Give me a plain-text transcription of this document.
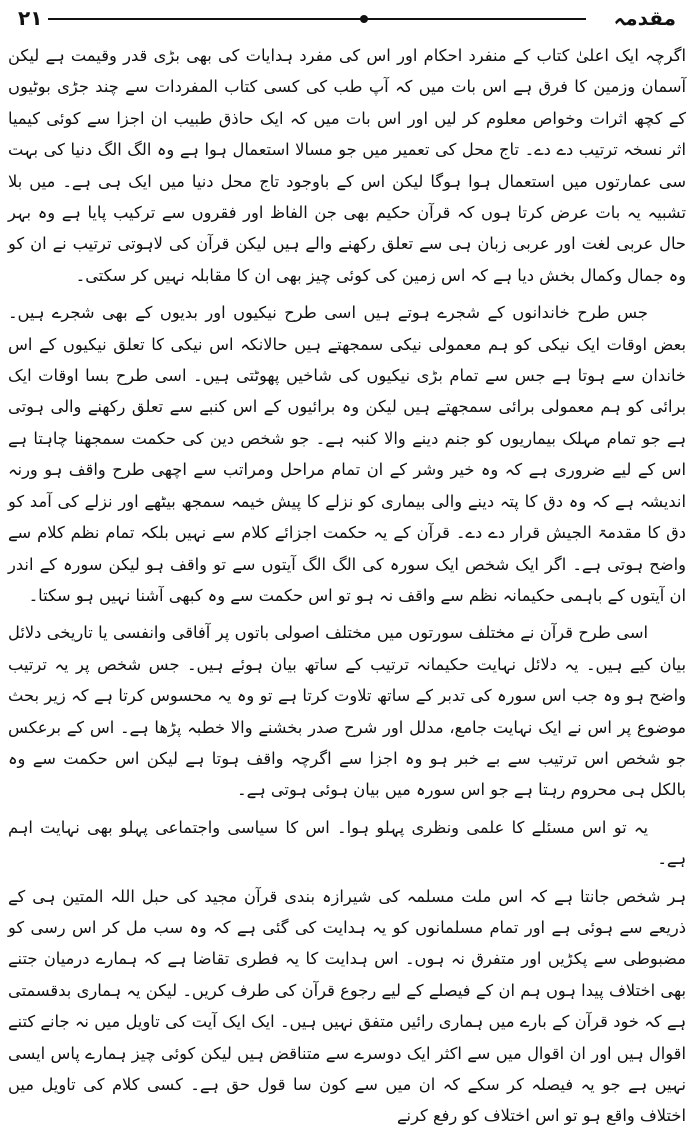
مقدمہ
۲۱

اگرچہ ایک اعلیٰ کتاب کے منفرد احکام اور اس کی مفرد ہدایات کی بھی بڑی قدر وقیمت ہے لیکن آسمان وزمین کا فرق ہے اس بات میں کہ آپ طب کی کسی کتاب المفردات سے چند جڑی بوٹیوں کے کچھ اثرات وخواص معلوم کر لیں اور اس بات میں کہ ایک حاذق طبیب ان اجزا سے کوئی کیمیا اثر نسخہ ترتیب دے دے۔ تاج محل کی تعمیر میں جو مسالا استعمال ہوا ہے وہ الگ الگ دنیا کی بہت سی عمارتوں میں استعمال ہوا ہوگا لیکن اس کے باوجود تاج محل دنیا میں ایک ہی ہے۔ میں بلا تشبیہ یہ بات عرض کرتا ہوں کہ قرآن حکیم بھی جن الفاظ اور فقروں سے ترکیب پایا ہے وہ بہر حال عربی لغت اور عربی زبان ہی سے تعلق رکھنے والے ہیں لیکن قرآن کی لاہوتی ترتیب نے ان کو وہ جمال وکمال بخش دیا ہے کہ اس زمین کی کوئی چیز بھی ان کا مقابلہ نہیں کر سکتی۔

جس طرح خاندانوں کے شجرے ہوتے ہیں اسی طرح نیکیوں اور بدیوں کے بھی شجرے ہیں۔ بعض اوقات ایک نیکی کو ہم معمولی نیکی سمجھتے ہیں حالانکہ اس نیکی کا تعلق نیکیوں کے اس خاندان سے ہوتا ہے جس سے تمام بڑی نیکیوں کی شاخیں پھوٹتی ہیں۔ اسی طرح بسا اوقات ایک برائی کو ہم معمولی برائی سمجھتے ہیں لیکن وہ برائیوں کے اس کنبے سے تعلق رکھنے والی ہوتی ہے جو تمام مہلک بیماریوں کو جنم دینے والا کنبہ ہے۔ جو شخص دین کی حکمت سمجھنا چاہتا ہے اس کے لیے ضروری ہے کہ وہ خیر وشر کے ان تمام مراحل ومراتب سے اچھی طرح واقف ہو ورنہ اندیشہ ہے کہ وہ دق کا پتہ دینے والی بیماری کو نزلے کا پیش خیمہ سمجھ بیٹھے اور نزلے کی آمد کو دق کا مقدمۃ الجیش قرار دے دے۔ قرآن کے یہ حکمت اجزائے کلام سے نہیں بلکہ تمام نظم کلام سے واضح ہوتی ہے۔ اگر ایک شخص ایک سورہ کی الگ الگ آیتوں سے تو واقف ہو لیکن سورہ کے اندر ان آیتوں کے باہمی حکیمانہ نظم سے واقف نہ ہو تو اس حکمت سے وہ کبھی آشنا نہیں ہو سکتا۔

اسی طرح قرآن نے مختلف سورتوں میں مختلف اصولی باتوں پر آفاقی وانفسی یا تاریخی دلائل بیان کیے ہیں۔ یہ دلائل نہایت حکیمانہ ترتیب کے ساتھ بیان ہوئے ہیں۔ جس شخص پر یہ ترتیب واضح ہو وہ جب اس سورہ کی تدبر کے ساتھ تلاوت کرتا ہے تو وہ یہ محسوس کرتا ہے کہ زیر بحث موضوع پر اس نے ایک نہایت جامع، مدلل اور شرح صدر بخشنے والا خطبہ پڑھا ہے۔ اس کے برعکس جو شخص اس ترتیب سے بے خبر ہو وہ اجزا سے اگرچہ واقف ہوتا ہے لیکن اس حکمت سے وہ بالکل ہی محروم رہتا ہے جو اس سورہ میں بیان ہوئی ہوتی ہے۔

یہ تو اس مسئلے کا علمی ونظری پہلو ہوا۔ اس کا سیاسی واجتماعی پہلو بھی نہایت اہم ہے۔

ہر شخص جانتا ہے کہ اس ملت مسلمہ کی شیرازہ بندی قرآن مجید کی حبل اللہ المتین ہی کے ذریعے سے ہوئی ہے اور تمام مسلمانوں کو یہ ہدایت کی گئی ہے کہ وہ سب مل کر اس رسی کو مضبوطی سے پکڑیں اور متفرق نہ ہوں۔ اس ہدایت کا یہ فطری تقاضا ہے کہ ہمارے درمیان جتنے بھی اختلاف پیدا ہوں ہم ان کے فیصلے کے لیے رجوع قرآن کی طرف کریں۔ لیکن یہ ہماری بدقسمتی ہے کہ خود قرآن کے بارے میں ہماری رائیں متفق نہیں ہیں۔ ایک ایک آیت کی تاویل میں نہ جانے کتنے اقوال ہیں اور ان اقوال میں سے اکثر ایک دوسرے سے متناقض ہیں لیکن کوئی چیز ہمارے پاس ایسی نہیں ہے جو یہ فیصلہ کر سکے کہ ان میں سے کون سا قول حق ہے۔ کسی کلام کی تاویل میں اختلاف واقع ہو تو اس اختلاف کو رفع کرنے
